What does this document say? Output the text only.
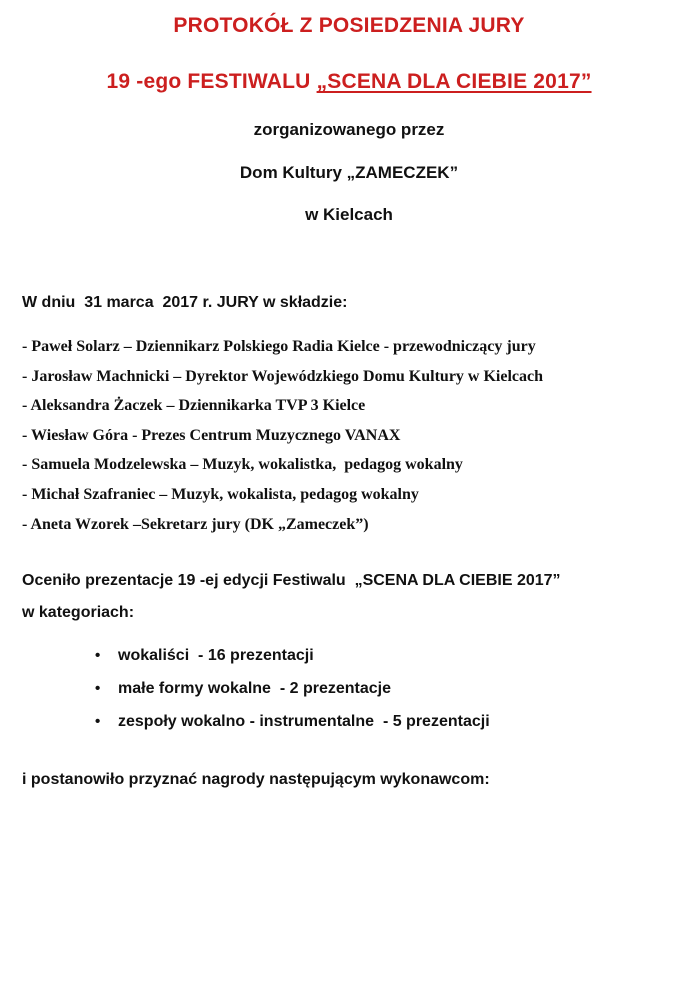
PROTOKÓŁ Z POSIEDZENIA JURY
19 -ego FESTIWALU „SCENA DLA CIEBIE 2017”
zorganizowanego przez
Dom Kultury „ZAMECZEK”
w Kielcach
W dniu  31 marca  2017 r. JURY w składzie:
- Paweł Solarz – Dziennikarz Polskiego Radia Kielce - przewodniczący jury
- Jarosław Machnicki – Dyrektor Wojewódzkiego Domu Kultury w Kielcach
- Aleksandra Żaczek – Dziennikarka TVP 3 Kielce
- Wiesław Góra - Prezes Centrum Muzycznego VANAX
- Samuela Modzelewska – Muzyk, wokalistka,  pedagog wokalny
- Michał Szafraniec – Muzyk, wokalista, pedagog wokalny
- Aneta Wzorek –Sekretarz jury (DK „Zameczek”)
Oceniło prezentacje 19 -ej edycji Festiwalu  „SCENA DLA CIEBIE 2017”
w kategoriach:
•	wokaliści  - 16 prezentacji
•	małe formy wokalne  - 2 prezentacje
•	zespoły wokalno - instrumentalne  - 5 prezentacji
i postanowiło przyznać nagrody następującym wykonawcom:
